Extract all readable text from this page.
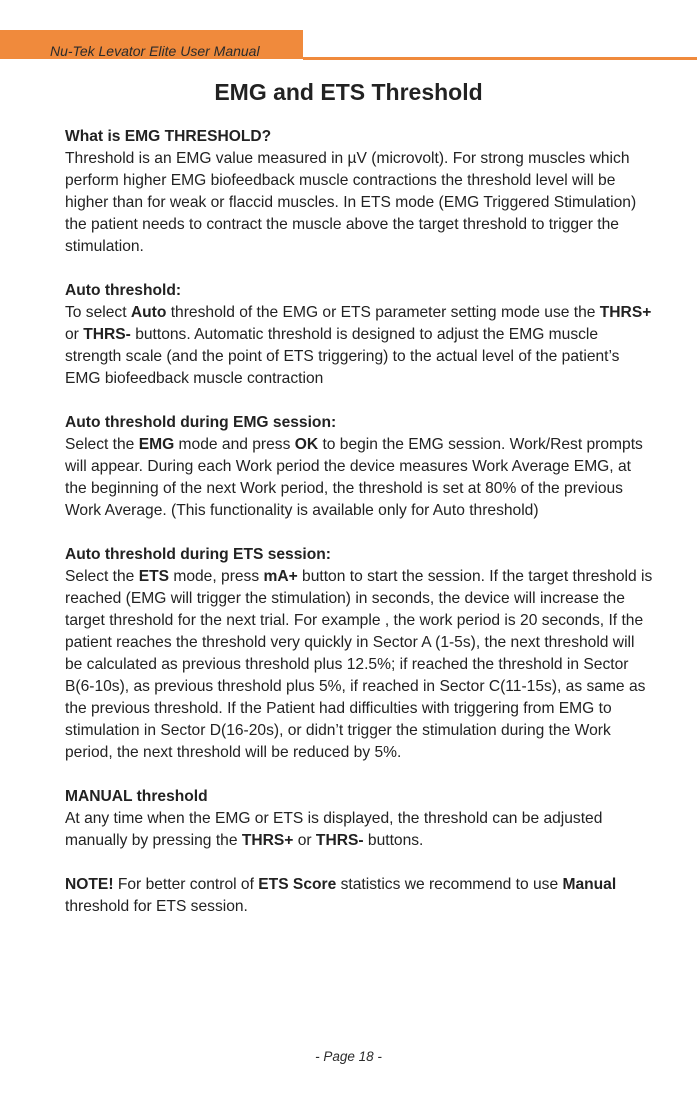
Nu-Tek Levator Elite User Manual
EMG and ETS Threshold
What is EMG THRESHOLD?

Threshold is an EMG value measured in µV (microvolt). For strong muscles which perform higher EMG biofeedback muscle contractions the threshold level will be higher than for weak or flaccid muscles. In ETS mode (EMG Triggered Stimulation) the patient needs to contract the muscle above the target threshold to trigger the stimulation.

Auto threshold:

To select Auto threshold of the EMG or ETS parameter setting mode use the THRS+ or THRS- buttons. Automatic threshold is designed to adjust the EMG muscle strength scale (and the point of ETS triggering) to the actual level of the patient’s EMG biofeedback muscle contraction

Auto threshold during EMG session:

Select the EMG mode and press OK to begin the EMG session. Work/Rest prompts will appear. During each Work period the device measures Work Average EMG, at the beginning of the next Work period, the threshold is set at 80% of the previous Work Average. (This functionality is available only for Auto threshold)

Auto threshold during ETS session:

Select the ETS mode, press mA+ button to start the session. If the target threshold is reached (EMG will trigger the stimulation) in seconds, the device will increase the target threshold for the next trial. For example , the work period is 20 seconds, If the patient reaches the threshold very quickly in Sector A (1-5s), the next threshold will be calculated as previous threshold plus 12.5%; if reached the threshold in Sector B(6-10s), as previous threshold plus 5%, if reached in Sector C(11-15s), as same as the previous threshold. If the Patient had difficulties with triggering from EMG to stimulation in Sector D(16-20s), or didn’t trigger the stimulation during the Work period, the next threshold will be reduced by 5%.

MANUAL threshold

At any time when the EMG or ETS is displayed, the threshold can be adjusted manually by pressing the THRS+ or THRS- buttons.

NOTE! For better control of ETS Score statistics we recommend to use Manual threshold for ETS session.

- Page 18 -
